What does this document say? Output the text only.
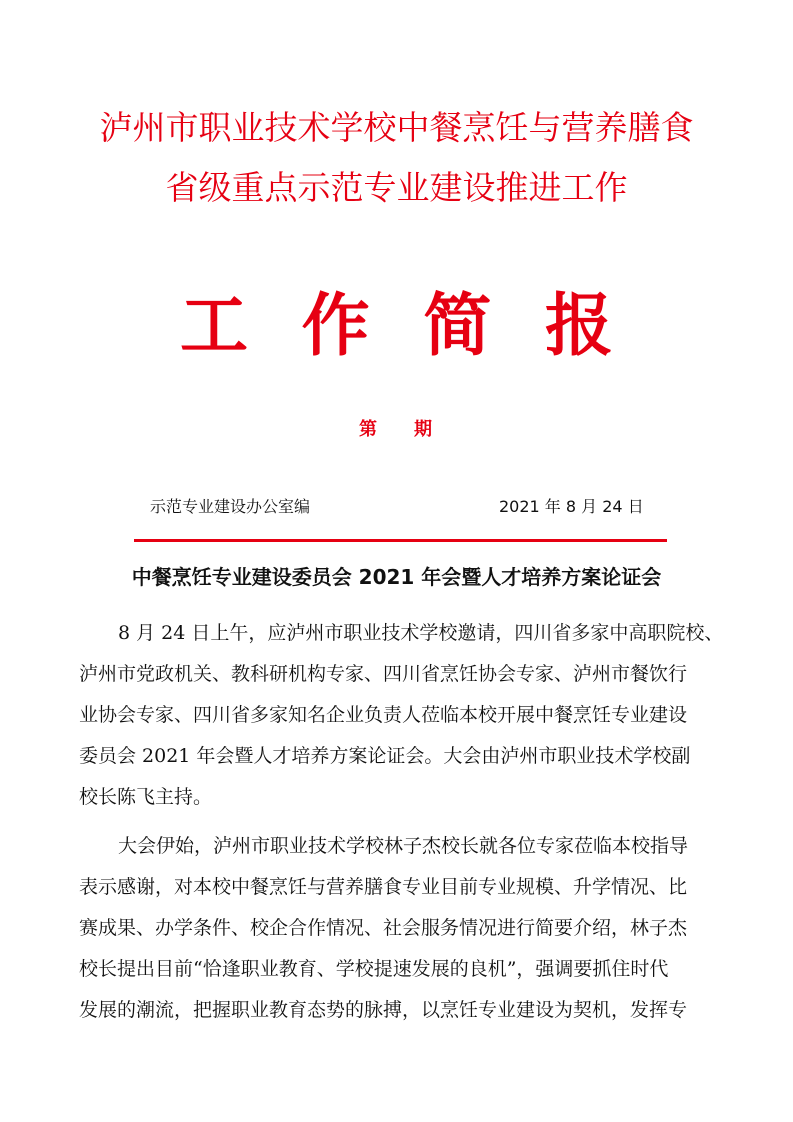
泸州市职业技术学校中餐烹饪与营养膳食
省级重点示范专业建设推进工作
工 作 简 报
第 期
示范专业建设办公室编	2021 年 8 月 24 日
中餐烹饪专业建设委员会 2021 年会暨人才培养方案论证会
8 月 24 日上午，应泸州市职业技术学校邀请，四川省多家中高职院校、
泸州市党政机关、教科研机构专家、四川省烹饪协会专家、泸州市餐饮行
业协会专家、四川省多家知名企业负责人莅临本校开展中餐烹饪专业建设
委员会 2021 年会暨人才培养方案论证会。大会由泸州市职业技术学校副
校长陈飞主持。
大会伊始，泸州市职业技术学校林子杰校长就各位专家莅临本校指导
表示感谢，对本校中餐烹饪与营养膳食专业目前专业规模、升学情况、比
赛成果、办学条件、校企合作情况、社会服务情况进行简要介绍，林子杰
校长提出目前“恰逢职业教育、学校提速发展的良机”，强调要抓住时代
发展的潮流，把握职业教育态势的脉搏，以烹饪专业建设为契机，发挥专
